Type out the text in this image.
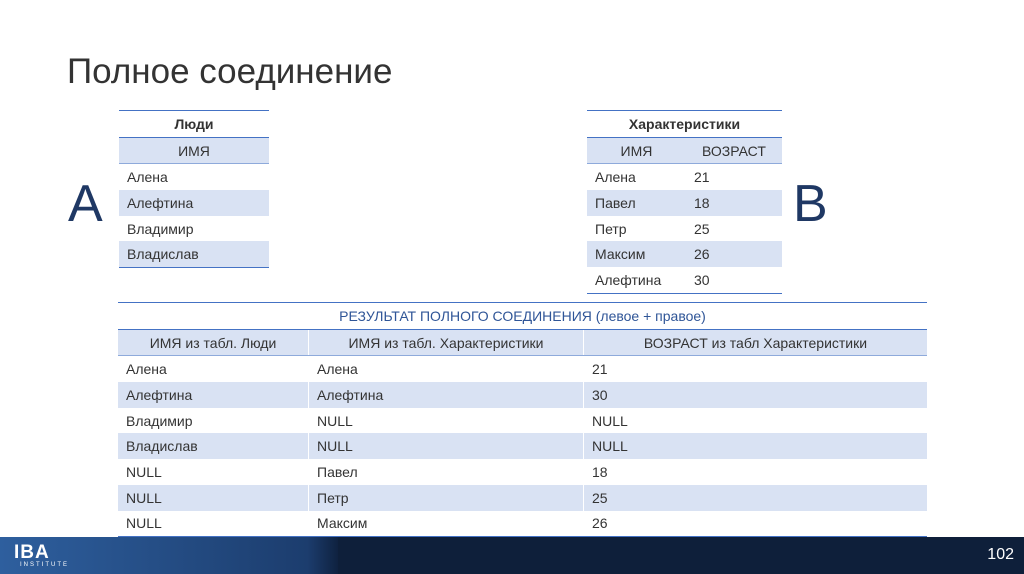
Полное соединение
A	B
Люди
ИМЯ
Алена
Алефтина
Владимир
Владислав
Характеристики	
ИМЯ	ВОЗРАСТ
Алена	21
Павел	18
Петр	25
Максим	26
Алефтина	30
РЕЗУЛЬТАТ ПОЛНОГО СОЕДИНЕНИЯ (левое + правое)		
ИМЯ из табл. Люди	ИМЯ из табл. Характеристики	ВОЗРАСТ из табл Характеристики
Алена	Алена	21
Алефтина	Алефтина	30
Владимир	NULL	NULL
Владислав	NULL	NULL
NULL	Павел	18
NULL	Петр	25
NULL	Максим	26
IBA
INSTITUTE
102
